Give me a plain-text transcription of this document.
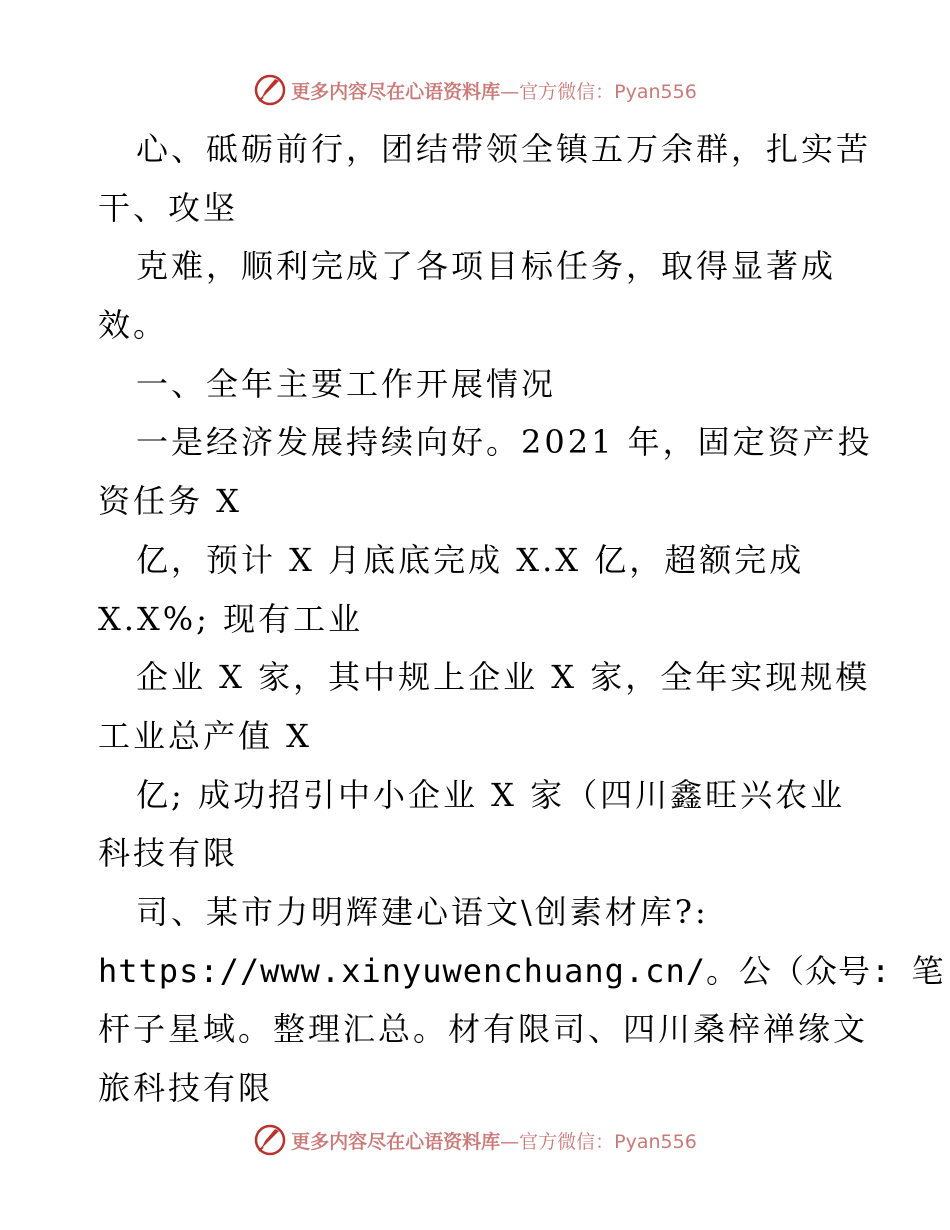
更多内容尽在心语资料库—官方微信：Pyan556
心、砥砺前行，团结带领全镇五万余群，扎实苦
干、攻坚
克难，顺利完成了各项目标任务，取得显著成
效。
一、全年主要工作开展情况
一是经济发展持续向好。2021 年，固定资产投
资任务 X
亿，预计 X 月底底完成 X.X 亿，超额完成
X.X%; 现有工业
企业 X 家，其中规上企业 X 家，全年实现规模
工业总产值 X
亿; 成功招引中小企业 X 家（四川鑫旺兴农业
科技有限
司、某市力明辉建心语文\创素材库?:
https://www.xinyuwenchuang.cn/。公（众号: 笔
杆子星域。整理汇总。材有限司、四川桑梓禅缘文
旅科技有限
更多内容尽在心语资料库—官方微信：Pyan556
